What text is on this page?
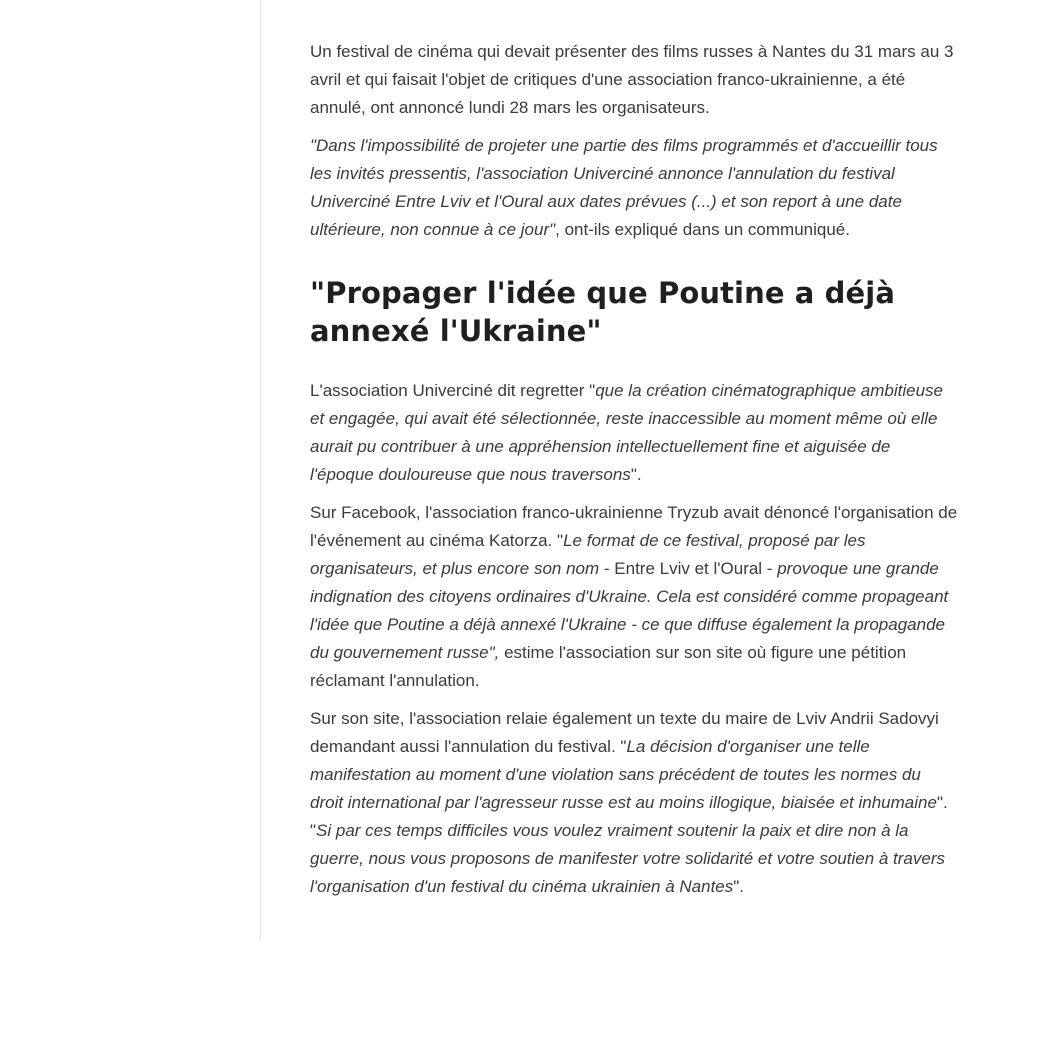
Un festival de cinéma qui devait présenter des films russes à Nantes du 31 mars au 3 avril et qui faisait l'objet de critiques d'une association franco-ukrainienne, a été annulé, ont annoncé lundi 28 mars les organisateurs.

"Dans l'impossibilité de projeter une partie des films programmés et d'accueillir tous les invités pressentis, l'association Univerciné annonce l'annulation du festival Univerciné Entre Lviv et l'Oural aux dates prévues (...) et son report à une date ultérieure, non connue à ce jour", ont-ils expliqué dans un communiqué.

"Propager l'idée que Poutine a déjà annexé l'Ukraine"

L'association Univerciné dit regretter "que la création cinématographique ambitieuse et engagée, qui avait été sélectionnée, reste inaccessible au moment même où elle aurait pu contribuer à une appréhension intellectuellement fine et aiguisée de l'époque douloureuse que nous traversons".

Sur Facebook, l'association franco-ukrainienne Tryzub avait dénoncé l'organisation de l'événement au cinéma Katorza. "Le format de ce festival, proposé par les organisateurs, et plus encore son nom - Entre Lviv et l'Oural - provoque une grande indignation des citoyens ordinaires d'Ukraine. Cela est considéré comme propageant l'idée que Poutine a déjà annexé l'Ukraine - ce que diffuse également la propagande du gouvernement russe", estime l'association sur son site où figure une pétition réclamant l'annulation.

Sur son site, l'association relaie également un texte du maire de Lviv Andrii Sadovyi demandant aussi l'annulation du festival. "La décision d'organiser une telle manifestation au moment d'une violation sans précédent de toutes les normes du droit international par l'agresseur russe est au moins illogique, biaisée et inhumaine". "Si par ces temps difficiles vous voulez vraiment soutenir la paix et dire non à la guerre, nous vous proposons de manifester votre solidarité et votre soutien à travers l'organisation d'un festival du cinéma ukrainien à Nantes".
